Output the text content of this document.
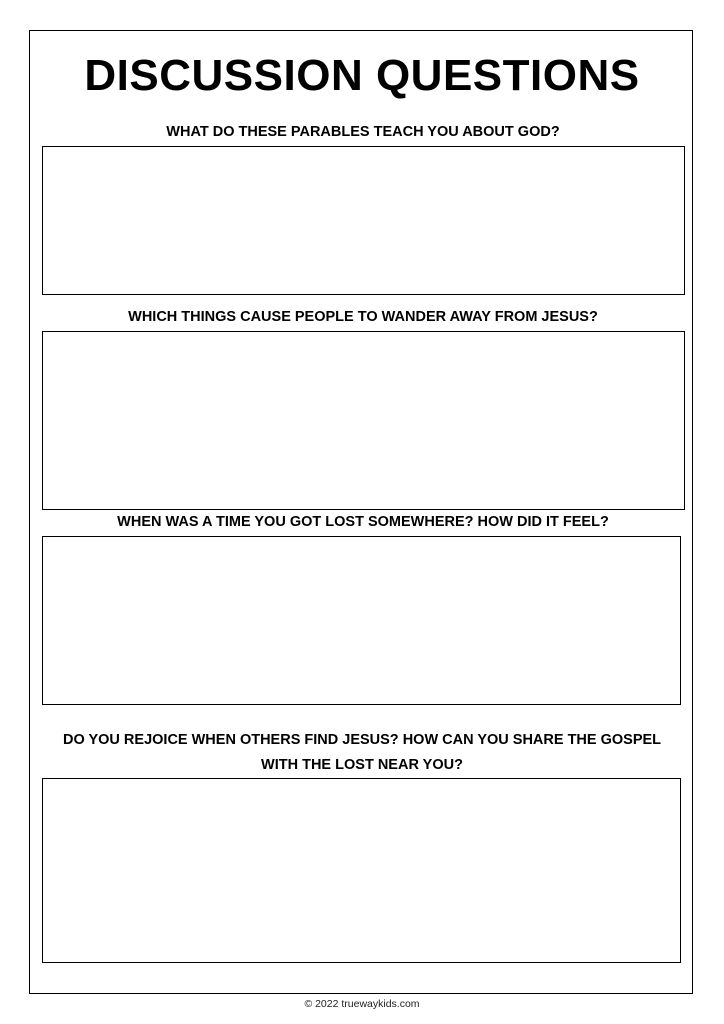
DISCUSSION QUESTIONS

WHAT DO THESE PARABLES TEACH YOU ABOUT GOD?

WHICH THINGS CAUSE PEOPLE TO WANDER AWAY FROM JESUS?

WHEN WAS A TIME YOU GOT LOST SOMEWHERE? HOW DID IT FEEL?

DO YOU REJOICE WHEN OTHERS FIND JESUS? HOW CAN YOU SHARE THE GOSPEL WITH THE LOST NEAR YOU?

© 2022 truewaykids.com
